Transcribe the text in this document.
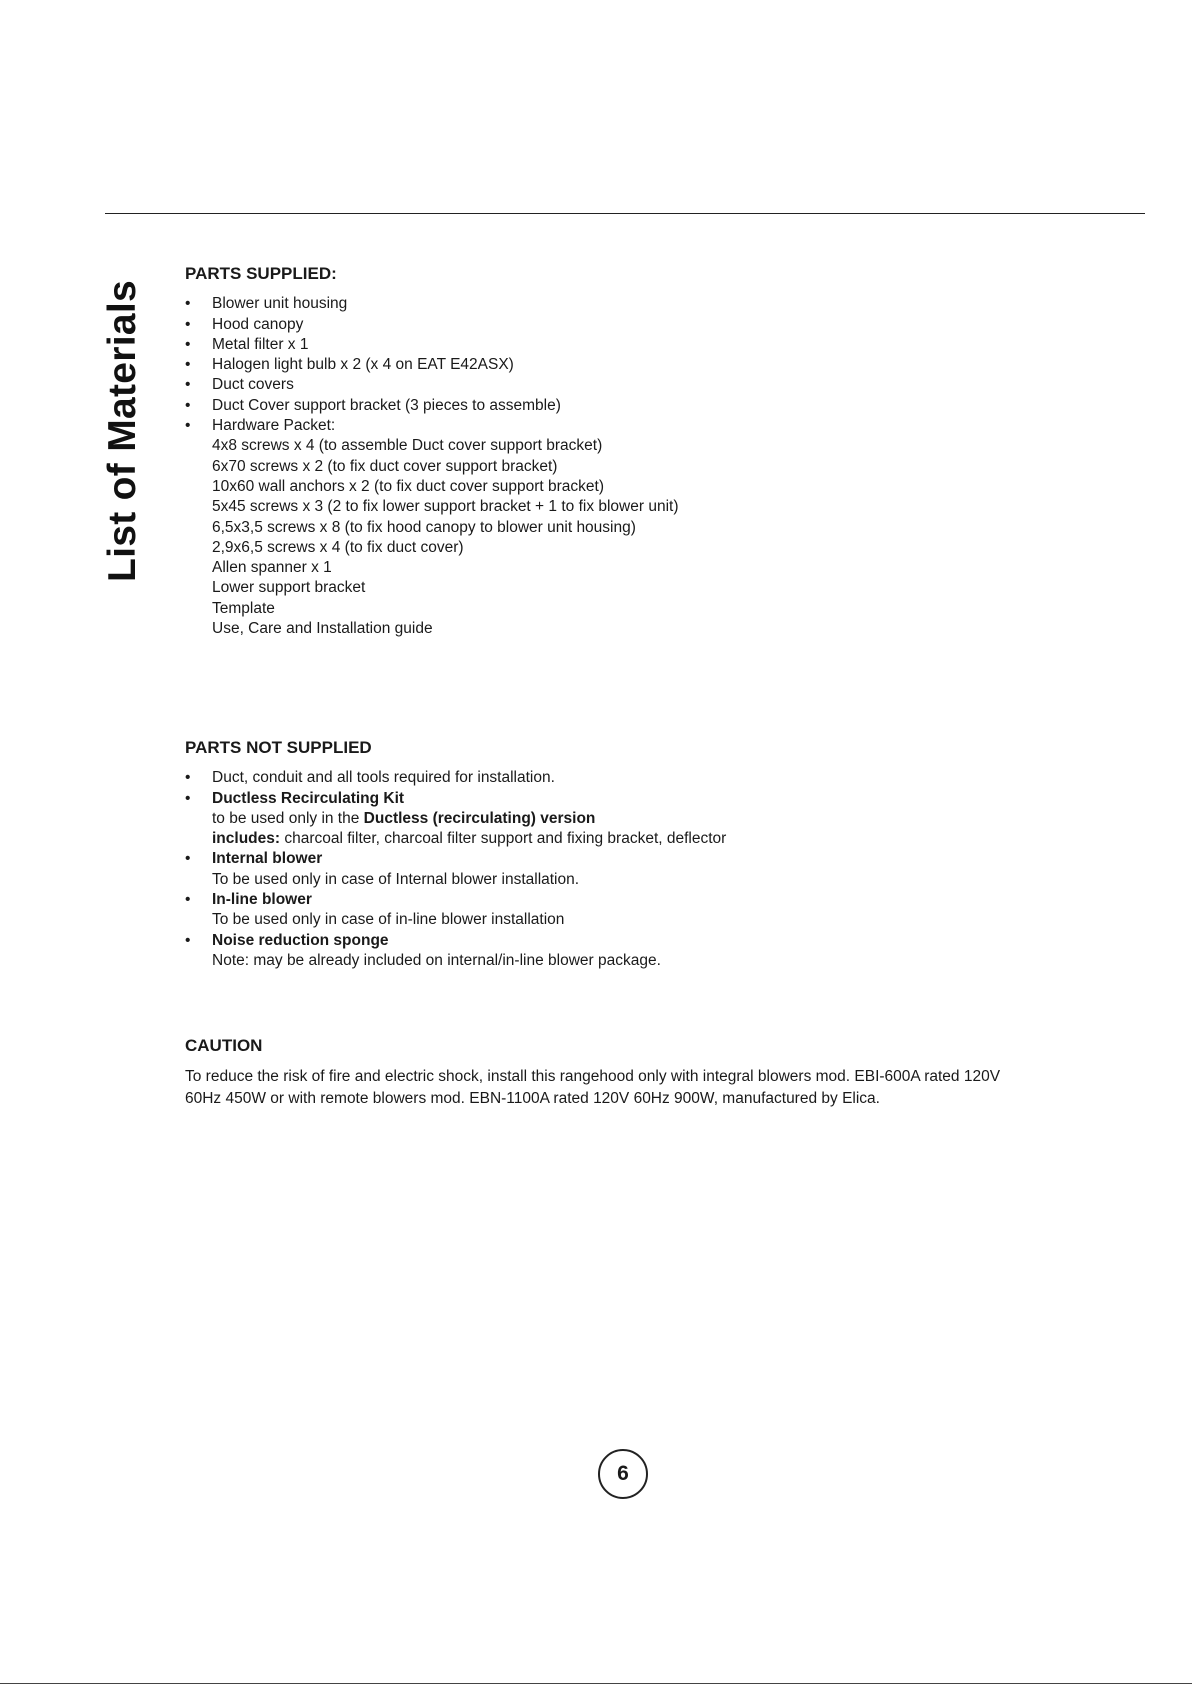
List of Materials
PARTS SUPPLIED:
• Blower unit housing
• Hood canopy
• Metal filter x 1
• Halogen light bulb x 2 (x 4 on EAT E42ASX)
• Duct covers
• Duct Cover support bracket (3 pieces to assemble)
• Hardware Packet:
4x8 screws x 4 (to assemble Duct cover support bracket)
6x70 screws x 2 (to fix duct cover support bracket)
10x60 wall anchors x 2 (to fix duct cover support bracket)
5x45 screws x 3 (2 to fix lower support bracket + 1 to fix blower unit)
6,5x3,5 screws x 8 (to fix hood canopy to blower unit housing)
2,9x6,5 screws x 4 (to fix duct cover)
Allen spanner x 1
Lower support bracket
Template
Use, Care and Installation guide
PARTS NOT SUPPLIED
• Duct, conduit and all tools required for installation.
• Ductless Recirculating Kit
to be used only in the Ductless (recirculating) version
includes: charcoal filter, charcoal filter support and fixing bracket, deflector
• Internal blower
To be used only in case of Internal blower installation.
• In-line blower
To be used only in case of in-line blower installation
• Noise reduction sponge
Note: may be already included on internal/in-line blower package.
CAUTION
To reduce the risk of fire and electric shock, install this rangehood only with integral blowers mod. EBI-600A rated 120V
60Hz 450W or with remote blowers mod. EBN-1100A rated 120V 60Hz 900W, manufactured by Elica.
6
